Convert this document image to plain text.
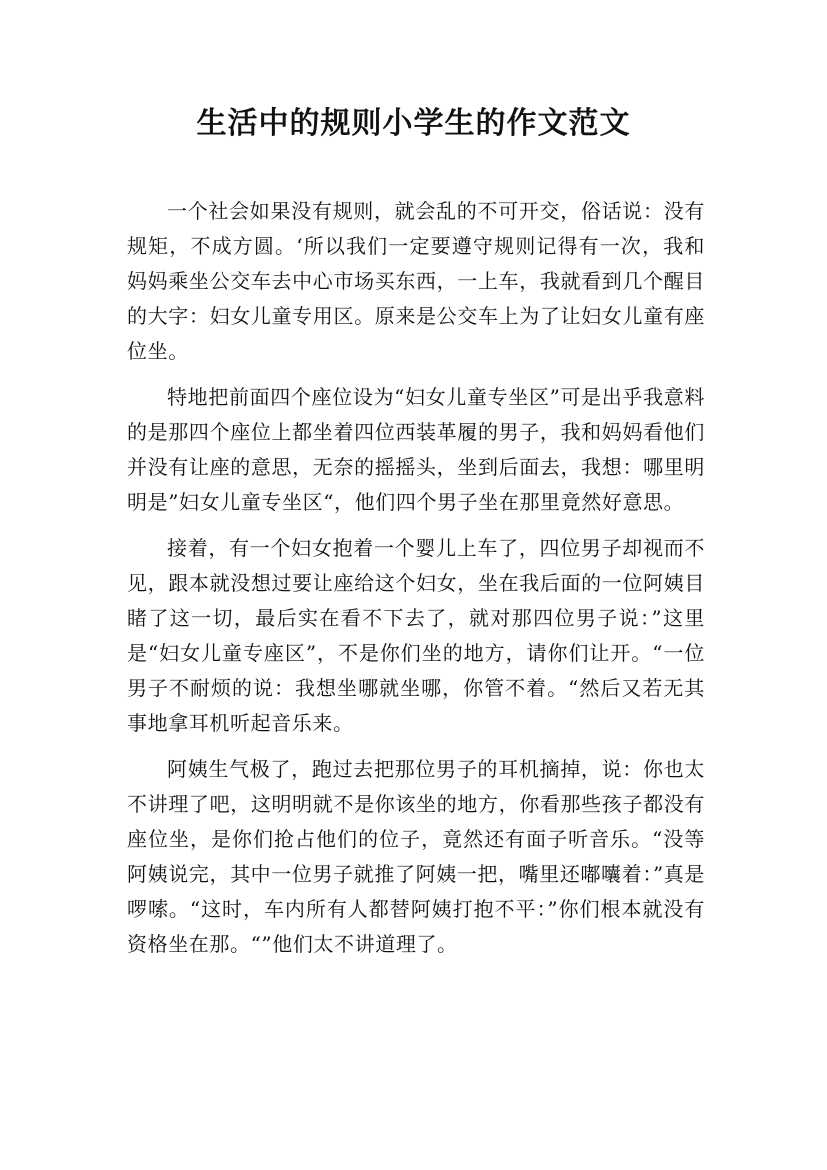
生活中的规则小学生的作文范文

一个社会如果没有规则，就会乱的不可开交，俗话说：没有规矩，不成方圆。‘所以我们一定要遵守规则记得有一次，我和妈妈乘坐公交车去中心市场买东西，一上车，我就看到几个醒目的大字：妇女儿童专用区。原来是公交车上为了让妇女儿童有座位坐。

特地把前面四个座位设为“妇女儿童专坐区”可是出乎我意料的是那四个座位上都坐着四位西装革履的男子，我和妈妈看他们并没有让座的意思，无奈的摇摇头，坐到后面去，我想：哪里明明是”妇女儿童专坐区“，他们四个男子坐在那里竟然好意思。

接着，有一个妇女抱着一个婴儿上车了，四位男子却视而不见，跟本就没想过要让座给这个妇女，坐在我后面的一位阿姨目睹了这一切，最后实在看不下去了，就对那四位男子说：”这里是“妇女儿童专座区”，不是你们坐的地方，请你们让开。“一位男子不耐烦的说：我想坐哪就坐哪，你管不着。“然后又若无其事地拿耳机听起音乐来。

阿姨生气极了，跑过去把那位男子的耳机摘掉，说：你也太不讲理了吧，这明明就不是你该坐的地方，你看那些孩子都没有座位坐，是你们抢占他们的位子，竟然还有面子听音乐。“没等阿姨说完，其中一位男子就推了阿姨一把，嘴里还嘟囔着：”真是啰嗦。“这时，车内所有人都替阿姨打抱不平：”你们根本就没有资格坐在那。“”他们太不讲道理了。
